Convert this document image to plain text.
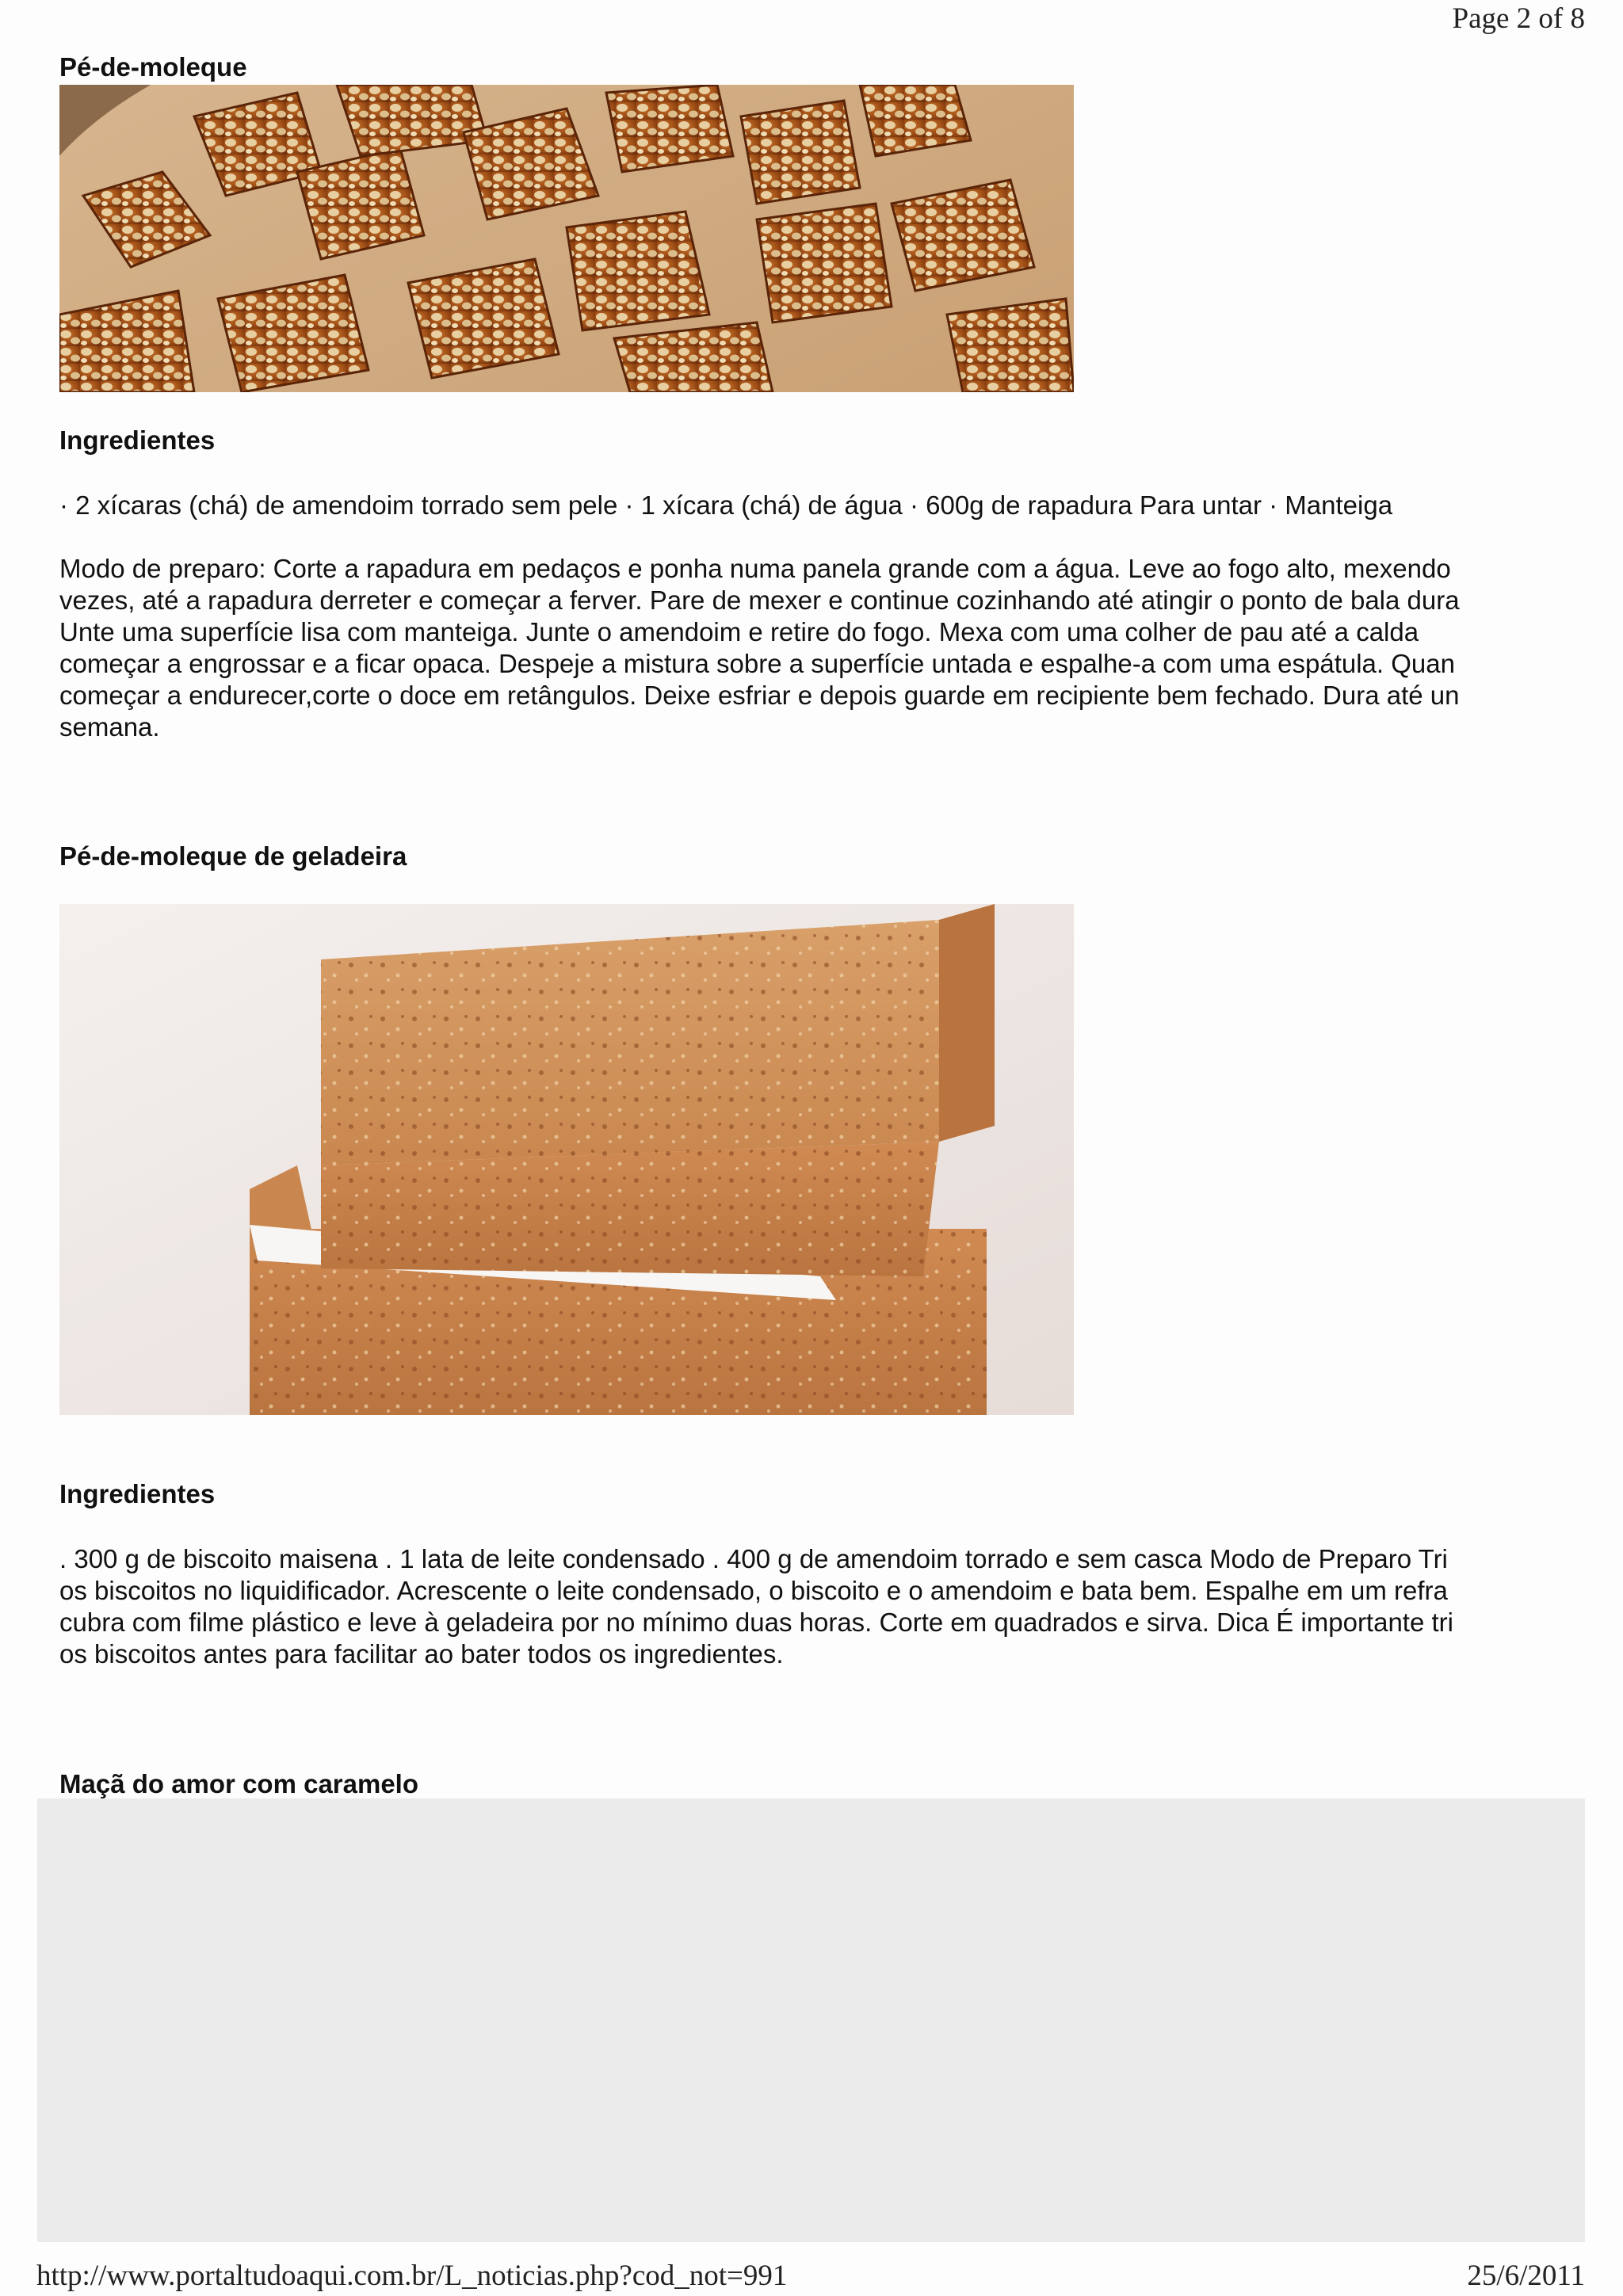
Page 2 of 8
Pé-de-moleque
Ingredientes

· 2 xícaras (chá) de amendoim torrado sem pele · 1 xícara (chá) de água · 600g de rapadura Para untar · Manteiga

Modo de preparo: Corte a rapadura em pedaços e ponha numa panela grande com a água. Leve ao fogo alto, mexendo
vezes, até a rapadura derreter e começar a ferver. Pare de mexer e continue cozinhando até atingir o ponto de bala dura
Unte uma superfície lisa com manteiga. Junte o amendoim e retire do fogo. Mexa com uma colher de pau até a calda
começar a engrossar e a ficar opaca. Despeje a mistura sobre a superfície untada e espalhe-a com uma espátula. Quan
começar a endurecer,corte o doce em retângulos. Deixe esfriar e depois guarde em recipiente bem fechado. Dura até un
semana.

Pé-de-moleque de geladeira
Ingredientes

. 300 g de biscoito maisena . 1 lata de leite condensado . 400 g de amendoim torrado e sem casca Modo de Preparo Tri
os biscoitos no liquidificador. Acrescente o leite condensado, o biscoito e o amendoim e bata bem. Espalhe em um refra
cubra com filme plástico e leve à geladeira por no mínimo duas horas. Corte em quadrados e sirva. Dica É importante tri
os biscoitos antes para facilitar ao bater todos os ingredientes.

Maçã do amor com caramelo
http://www.portaltudoaqui.com.br/L_noticias.php?cod_not=991	25/6/2011
